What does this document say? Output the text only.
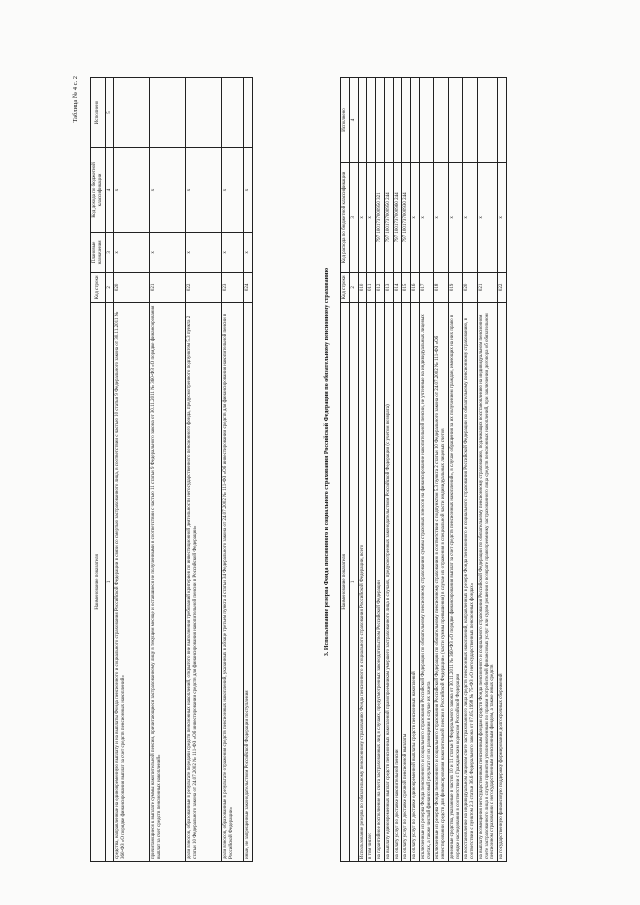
Таблица № 4 с. 2
Наименование показателя	Код строки	Плановые назначения	Код дохода по бюджетной классификации	Исполнено
1	2	3	4	5
средства, направленные на единовременную выплату и на выплаты Фонда пенсионного и социального страхования Российской Федерации в связи со смертью застрахованного лица, в соответствии с частью 10 статьи 9 Федерального закона от 30.11.2011 № 360-ФЗ «О порядке финансирования выплат за счет средств пенсионных накоплений»	020	x	x	
причитающиеся к выплате суммы накопительной пенсии, причитающиеся застрахованному лицу в текущем месяце и оставшиеся не полученными в соответствии с частью 11 статьи 9 Федерального закона от 30.11.2011 № 360-ФЗ «О порядке финансирования выплат за счет средств пенсионных накоплений»	021	x	x	
доли взносов, образованные в результате передачи средств пенсионных накоплений, открытого вне выполнения требований критериев по инвестиционной деятельности негосударственного пенсионного фонда, предусмотренного подпунктом 5.3 пункта 2 статьи 10 Федерального закона от 24.07.2002 № 111-ФЗ «Об инвестировании средств для финансирования накопительной пенсии в Российской Федерации»	022	x	x	
доли взносов, образованные в результате отражения средств пенсионных накоплений, указанных в абзаце третьем пункта 4 статьи 34 Федерального закона от 24.07.2002 № 111-ФЗ «Об инвестировании средств для финансирования накопительной пенсии в Российской Федерации»	023	x	x	
иные, не запрещенные законодательством Российской Федерации поступления	024	x	x	
3. Использование резерва Фонда пенсионного и социального страхования Российской Федерации по обязательному пенсионному страхованию Наименование показателя	Код строки	Код расхода по бюджетной классификации	Исполнено
1	2	3	4
Использование резерва по обязательному пенсионному страхованию Фонда пенсионного и социального страхования Российской Федерации, всего	010	x	
в том числе:	011	x	
на гарантийное восполнение на счета застрахованных лиц в случаях, предусмотренных законодательством Российской Федерации	012	797 1001737000950 321	
на выплату единовременных выплат средств пенсионных накоплений правопреемникам умершего застрахованного лица в случаях, предусмотренных законодательством Российской Федерации (с учетом возврата)	013	797 1001737000950 244	
на оплату услуг по доставке накопительной пенсии	014	797 1001737000960 244	
на оплату услуг по доставке срочной пенсионной выплаты	015	797 1001737000930 244	
на оплату услуг по доставке единовременной выплаты средств пенсионных накоплений	016	x	
исключенные из резерва Фонда пенсионного и социального страхования Российской Федерации по обязательному пенсионному страхованию суммы страховых взносов на финансирование накопительной пенсии, не учтенные на индивидуальных лицевых счетах, а также чистый финансовый результат от их размещения в случае их зачета	017	x	
исключенные из резерва Фонда пенсионного и социального страхования Российской Федерации по обязательному пенсионному страхованию в соответствии с подпунктом 5.3 пункта 2 статьи 10 Федерального закона от 24.07.2002 № 111-ФЗ «Об инвестировании средств для финансирования накопительной пенсии в Российской Федерации» (части суммы превышения) в случае их отражения в специальной части индивидуальных лицевых счетов	018	x	
денежные средства, указанные в частях 10 и 11 статьи 9 Федерального закона от 30.11.2011 № 360-ФЗ «О порядке финансирования выплат за счет средств пенсионных накоплений», в случае обращения за их получением граждан, имеющих на них право в порядке наследования в соответствии с Гражданским кодексом Российской Федерации	019	x	
на восстановление на индивидуальном лицевом счете застрахованного лица средств пенсионных накоплений, направленных в резерв Фонда пенсионного и социального страхования Российской Федерации по обязательному пенсионному страхованию, в соответствии с пунктом 2.3 статьи 36.6 Федерального закона от 07.05.1998 № 75-ФЗ «О негосударственных пенсионных фондах»	020	x	
на выплату возмещения негосударственным пенсионным фондам средств Фонда пенсионного и социального страхования Российской Федерации по обязательному пенсионному страхованию, подлежащих восстановлению на индивидуальном пенсионном счете застрахованного лица в случае принятия уполномоченным по правам потребителей финансовых услуг или судом решения о возврате правопреемнику застрахованного лица средств пенсионных накоплений, при заключении договора об обязательном пенсионном страховании с негосударственным пенсионным фондом, а также иных средств	021	x	
на государственную финансовую поддержку формирования долгосрочных сбережений	022	x	
